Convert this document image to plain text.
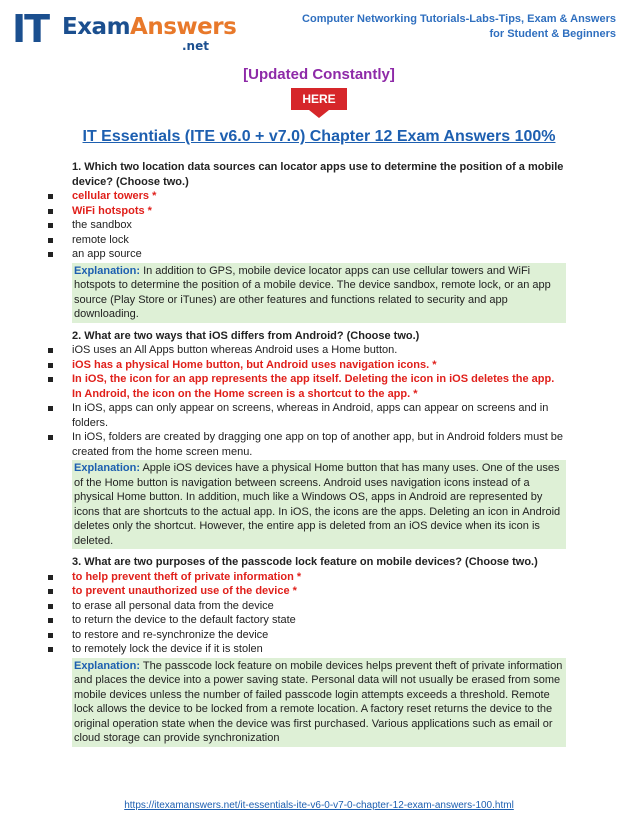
IT ExamAnswers
.net
Computer Networking Tutorials-Labs-Tips, Exam & Answers
for Student & Beginners
[Updated Constantly]
HERE
IT Essentials (ITE v6.0 + v7.0) Chapter 12 Exam Answers 100%
1. Which two location data sources can locator apps use to determine the position of a mobile device? (Choose two.)
cellular towers *
WiFi hotspots *
the sandbox
remote lock
an app source
Explanation: In addition to GPS, mobile device locator apps can use cellular towers and WiFi hotspots to determine the position of a mobile device. The device sandbox, remote lock, or an app source (Play Store or iTunes) are other features and functions related to security and app downloading.
2. What are two ways that iOS differs from Android? (Choose two.)
iOS uses an All Apps button whereas Android uses a Home button.
iOS has a physical Home button, but Android uses navigation icons. *
In iOS, the icon for an app represents the app itself. Deleting the icon in iOS deletes the app. In Android, the icon on the Home screen is a shortcut to the app. *
In iOS, apps can only appear on screens, whereas in Android, apps can appear on screens and in folders.
In iOS, folders are created by dragging one app on top of another app, but in Android folders must be created from the home screen menu.
Explanation: Apple iOS devices have a physical Home button that has many uses. One of the uses of the Home button is navigation between screens. Android uses navigation icons instead of a physical Home button. In addition, much like a Windows OS, apps in Android are represented by icons that are shortcuts to the actual app. In iOS, the icons are the apps. Deleting an icon in Android deletes only the shortcut. However, the entire app is deleted from an iOS device when its icon is deleted.
3. What are two purposes of the passcode lock feature on mobile devices? (Choose two.)
to help prevent theft of private information *
to prevent unauthorized use of the device *
to erase all personal data from the device
to return the device to the default factory state
to restore and re-synchronize the device
to remotely lock the device if it is stolen
Explanation: The passcode lock feature on mobile devices helps prevent theft of private information and places the device into a power saving state. Personal data will not usually be erased from some mobile devices unless the number of failed passcode login attempts exceeds a threshold. Remote lock allows the device to be locked from a remote location. A factory reset returns the device to the original operation state when the device was first purchased. Various applications such as email or cloud storage can provide synchronization
https://itexamanswers.net/it-essentials-ite-v6-0-v7-0-chapter-12-exam-answers-100.html
